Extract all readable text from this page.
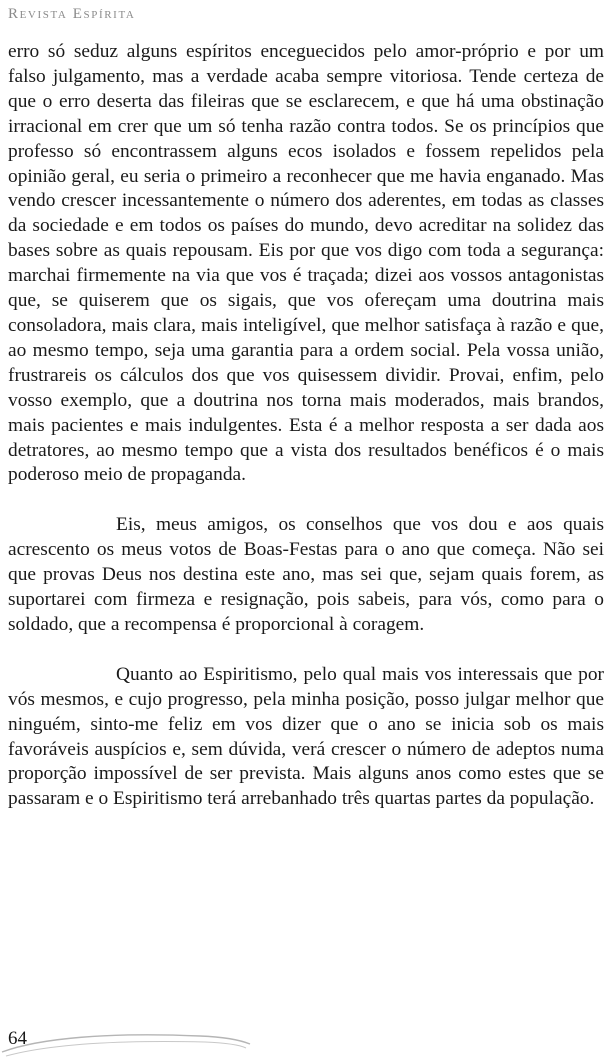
Revista Espírita

erro só seduz alguns espíritos enceguecidos pelo amor-próprio e por um falso julgamento, mas a verdade acaba sempre vitoriosa. Tende certeza de que o erro deserta das fileiras que se esclarecem, e que há uma obstinação irracional em crer que um só tenha razão contra todos. Se os princípios que professo só encontrassem alguns ecos isolados e fossem repelidos pela opinião geral, eu seria o primeiro a reconhecer que me havia enganado. Mas vendo crescer incessantemente o número dos aderentes, em todas as classes da sociedade e em todos os países do mundo, devo acreditar na solidez das bases sobre as quais repousam. Eis por que vos digo com toda a segurança: marchai firmemente na via que vos é traçada; dizei aos vossos antagonistas que, se quiserem que os sigais, que vos ofereçam uma doutrina mais consoladora, mais clara, mais inteligível, que melhor satisfaça à razão e que, ao mesmo tempo, seja uma garantia para a ordem social. Pela vossa união, frustrareis os cálculos dos que vos quisessem dividir. Provai, enfim, pelo vosso exemplo, que a doutrina nos torna mais moderados, mais brandos, mais pacientes e mais indulgentes. Esta é a melhor resposta a ser dada aos detratores, ao mesmo tempo que a vista dos resultados benéficos é o mais poderoso meio de propaganda.

Eis, meus amigos, os conselhos que vos dou e aos quais acrescento os meus votos de Boas-Festas para o ano que começa. Não sei que provas Deus nos destina este ano, mas sei que, sejam quais forem, as suportarei com firmeza e resignação, pois sabeis, para vós, como para o soldado, que a recompensa é proporcional à coragem.

Quanto ao Espiritismo, pelo qual mais vos interessais que por vós mesmos, e cujo progresso, pela minha posição, posso julgar melhor que ninguém, sinto-me feliz em vos dizer que o ano se inicia sob os mais favoráveis auspícios e, sem dúvida, verá crescer o número de adeptos numa proporção impossível de ser prevista. Mais alguns anos como estes que se passaram e o Espiritismo terá arrebanhado três quartas partes da população.

64
